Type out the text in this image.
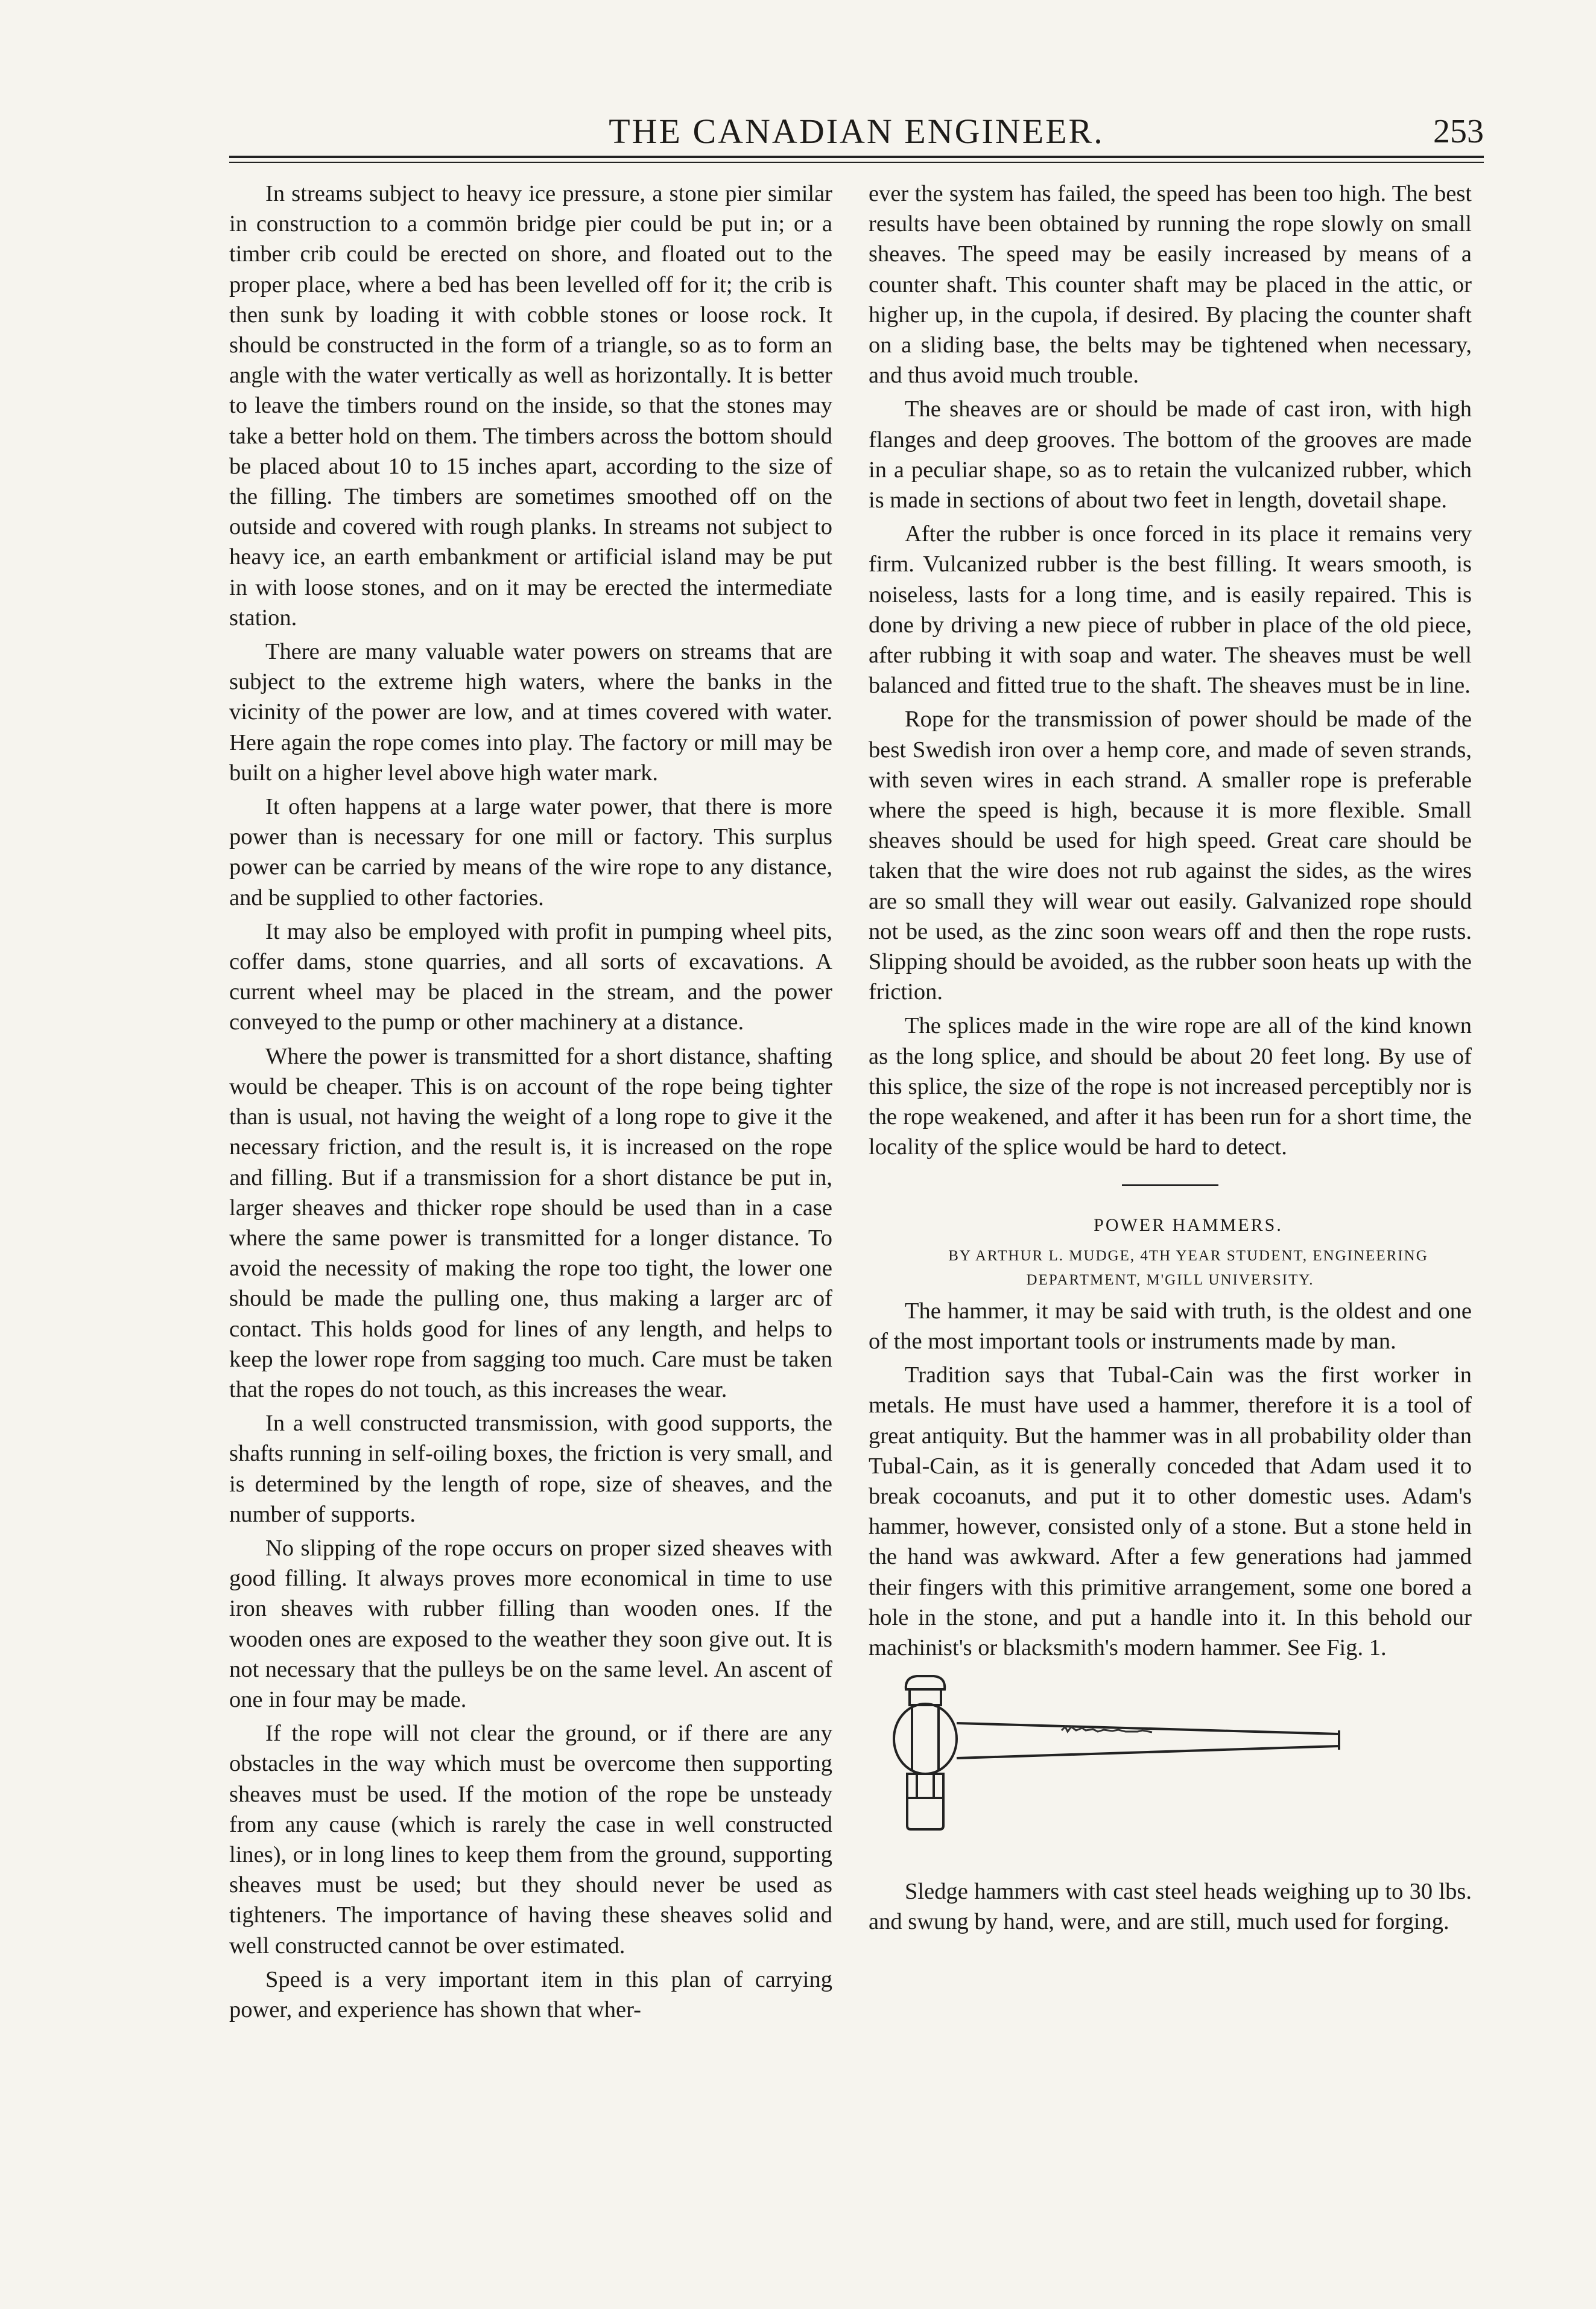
THE CANADIAN ENGINEER.	253

In streams subject to heavy ice pressure, a stone pier similar in construction to a commön bridge pier could be put in; or a timber crib could be erected on shore, and floated out to the proper place, where a bed has been levelled off for it; the crib is then sunk by loading it with cobble stones or loose rock. It should be constructed in the form of a triangle, so as to form an angle with the water vertically as well as horizontally. It is better to leave the timbers round on the inside, so that the stones may take a better hold on them. The timbers across the bottom should be placed about 10 to 15 inches apart, according to the size of the filling. The timbers are sometimes smoothed off on the outside and covered with rough planks. In streams not subject to heavy ice, an earth embankment or artificial island may be put in with loose stones, and on it may be erected the intermediate station.

There are many valuable water powers on streams that are subject to the extreme high waters, where the banks in the vicinity of the power are low, and at times covered with water. Here again the rope comes into play. The factory or mill may be built on a higher level above high water mark.

It often happens at a large water power, that there is more power than is necessary for one mill or factory. This surplus power can be carried by means of the wire rope to any distance, and be supplied to other factories.

It may also be employed with profit in pumping wheel pits, coffer dams, stone quarries, and all sorts of excavations. A current wheel may be placed in the stream, and the power conveyed to the pump or other machinery at a distance.

Where the power is transmitted for a short distance, shafting would be cheaper. This is on account of the rope being tighter than is usual, not having the weight of a long rope to give it the necessary friction, and the result is, it is increased on the rope and filling. But if a transmission for a short distance be put in, larger sheaves and thicker rope should be used than in a case where the same power is transmitted for a longer distance. To avoid the necessity of making the rope too tight, the lower one should be made the pulling one, thus making a larger arc of contact. This holds good for lines of any length, and helps to keep the lower rope from sagging too much. Care must be taken that the ropes do not touch, as this increases the wear.

In a well constructed transmission, with good supports, the shafts running in self-oiling boxes, the friction is very small, and is determined by the length of rope, size of sheaves, and the number of supports.

No slipping of the rope occurs on proper sized sheaves with good filling. It always proves more economical in time to use iron sheaves with rubber filling than wooden ones. If the wooden ones are exposed to the weather they soon give out. It is not necessary that the pulleys be on the same level. An ascent of one in four may be made.

If the rope will not clear the ground, or if there are any obstacles in the way which must be overcome then supporting sheaves must be used. If the motion of the rope be unsteady from any cause (which is rarely the case in well constructed lines), or in long lines to keep them from the ground, supporting sheaves must be used; but they should never be used as tighteners. The importance of having these sheaves solid and well constructed cannot be over estimated.

Speed is a very important item in this plan of carrying power, and experience has shown that wher-

ever the system has failed, the speed has been too high. The best results have been obtained by running the rope slowly on small sheaves. The speed may be easily increased by means of a counter shaft. This counter shaft may be placed in the attic, or higher up, in the cupola, if desired. By placing the counter shaft on a sliding base, the belts may be tightened when necessary, and thus avoid much trouble.

The sheaves are or should be made of cast iron, with high flanges and deep grooves. The bottom of the grooves are made in a peculiar shape, so as to retain the vulcanized rubber, which is made in sections of about two feet in length, dovetail shape.

After the rubber is once forced in its place it remains very firm. Vulcanized rubber is the best filling. It wears smooth, is noiseless, lasts for a long time, and is easily repaired. This is done by driving a new piece of rubber in place of the old piece, after rubbing it with soap and water. The sheaves must be well balanced and fitted true to the shaft. The sheaves must be in line.

Rope for the transmission of power should be made of the best Swedish iron over a hemp core, and made of seven strands, with seven wires in each strand. A smaller rope is preferable where the speed is high, because it is more flexible. Small sheaves should be used for high speed. Great care should be taken that the wire does not rub against the sides, as the wires are so small they will wear out easily. Galvanized rope should not be used, as the zinc soon wears off and then the rope rusts. Slipping should be avoided, as the rubber soon heats up with the friction.

The splices made in the wire rope are all of the kind known as the long splice, and should be about 20 feet long. By use of this splice, the size of the rope is not increased perceptibly nor is the rope weakened, and after it has been run for a short time, the locality of the splice would be hard to detect.

POWER HAMMERS.

BY ARTHUR L. MUDGE, 4TH YEAR STUDENT, ENGINEERING DEPARTMENT, M'GILL UNIVERSITY.

The hammer, it may be said with truth, is the oldest and one of the most important tools or instruments made by man.

Tradition says that Tubal-Cain was the first worker in metals. He must have used a hammer, therefore it is a tool of great antiquity. But the hammer was in all probability older than Tubal-Cain, as it is generally conceded that Adam used it to break cocoanuts, and put it to other domestic uses. Adam's hammer, however, consisted only of a stone. But a stone held in the hand was awkward. After a few generations had jammed their fingers with this primitive arrangement, some one bored a hole in the stone, and put a handle into it. In this behold our machinist's or blacksmith's modern hammer. See Fig. 1.

Sledge hammers with cast steel heads weighing up to 30 lbs. and swung by hand, were, and are still, much used for forging.
